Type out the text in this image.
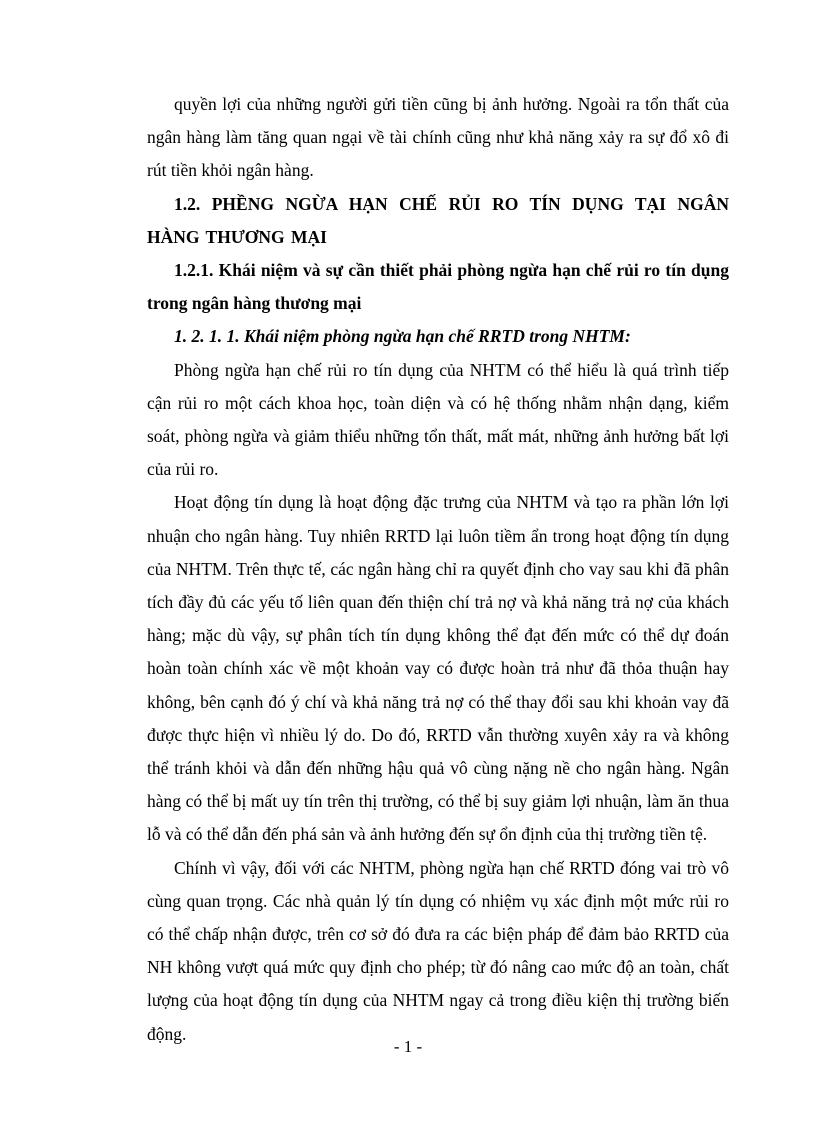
quyền lợi của những người gửi tiền cũng bị ảnh hưởng. Ngoài ra tổn thất của ngân hàng làm tăng quan ngại về tài chính cũng như khả năng xảy ra sự đổ xô đi rút tiền khỏi ngân hàng.

1.2. PHỀNG NGỪA HẠN CHẾ RỦI RO TÍN DỤNG TẠI NGÂN HÀNG THƯƠNG MẠI

1.2.1. Khái niệm và sự cần thiết phải phòng ngừa hạn chế rủi ro tín dụng trong ngân hàng thương mại

1. 2. 1. 1. Khái niệm phòng ngừa hạn chế RRTD trong NHTM:

Phòng ngừa hạn chế rủi ro tín dụng của NHTM có thể hiểu là quá trình tiếp cận rủi ro một cách khoa học, toàn diện và có hệ thống nhằm nhận dạng, kiểm soát, phòng ngừa và giảm thiểu những tổn thất, mất mát, những ảnh hưởng bất lợi của rủi ro.

Hoạt động tín dụng là hoạt động đặc trưng của NHTM và tạo ra phần lớn lợi nhuận cho ngân hàng. Tuy nhiên RRTD lại luôn tiềm ẩn trong hoạt động tín dụng của NHTM. Trên thực tế, các ngân hàng chỉ ra quyết định cho vay sau khi đã phân tích đầy đủ các yếu tố liên quan đến thiện chí trả nợ và khả năng trả nợ của khách hàng; mặc dù vậy, sự phân tích tín dụng không thể đạt đến mức có thể dự đoán hoàn toàn chính xác về một khoản vay có được hoàn trả như đã thỏa thuận hay không, bên cạnh đó ý chí và khả năng trả nợ có thể thay đổi sau khi khoản vay đã được thực hiện vì nhiều lý do. Do đó, RRTD vẫn thường xuyên xảy ra và không thể tránh khỏi và dẫn đến những hậu quả vô cùng nặng nề cho ngân hàng. Ngân hàng có thể bị mất uy tín trên thị trường, có thể bị suy giảm lợi nhuận, làm ăn thua lỗ và có thể dẫn đến phá sản và ảnh hưởng đến sự ổn định của thị trường tiền tệ.

Chính vì vậy, đối với các NHTM, phòng ngừa hạn chế RRTD đóng vai trò vô cùng quan trọng. Các nhà quản lý tín dụng có nhiệm vụ xác định một mức rủi ro có thể chấp nhận được, trên cơ sở đó đưa ra các biện pháp để đảm bảo RRTD của NH không vượt quá mức quy định cho phép; từ đó nâng cao mức độ an toàn, chất lượng của hoạt động tín dụng của NHTM ngay cả trong điều kiện thị trường biến động.

- 1 -
